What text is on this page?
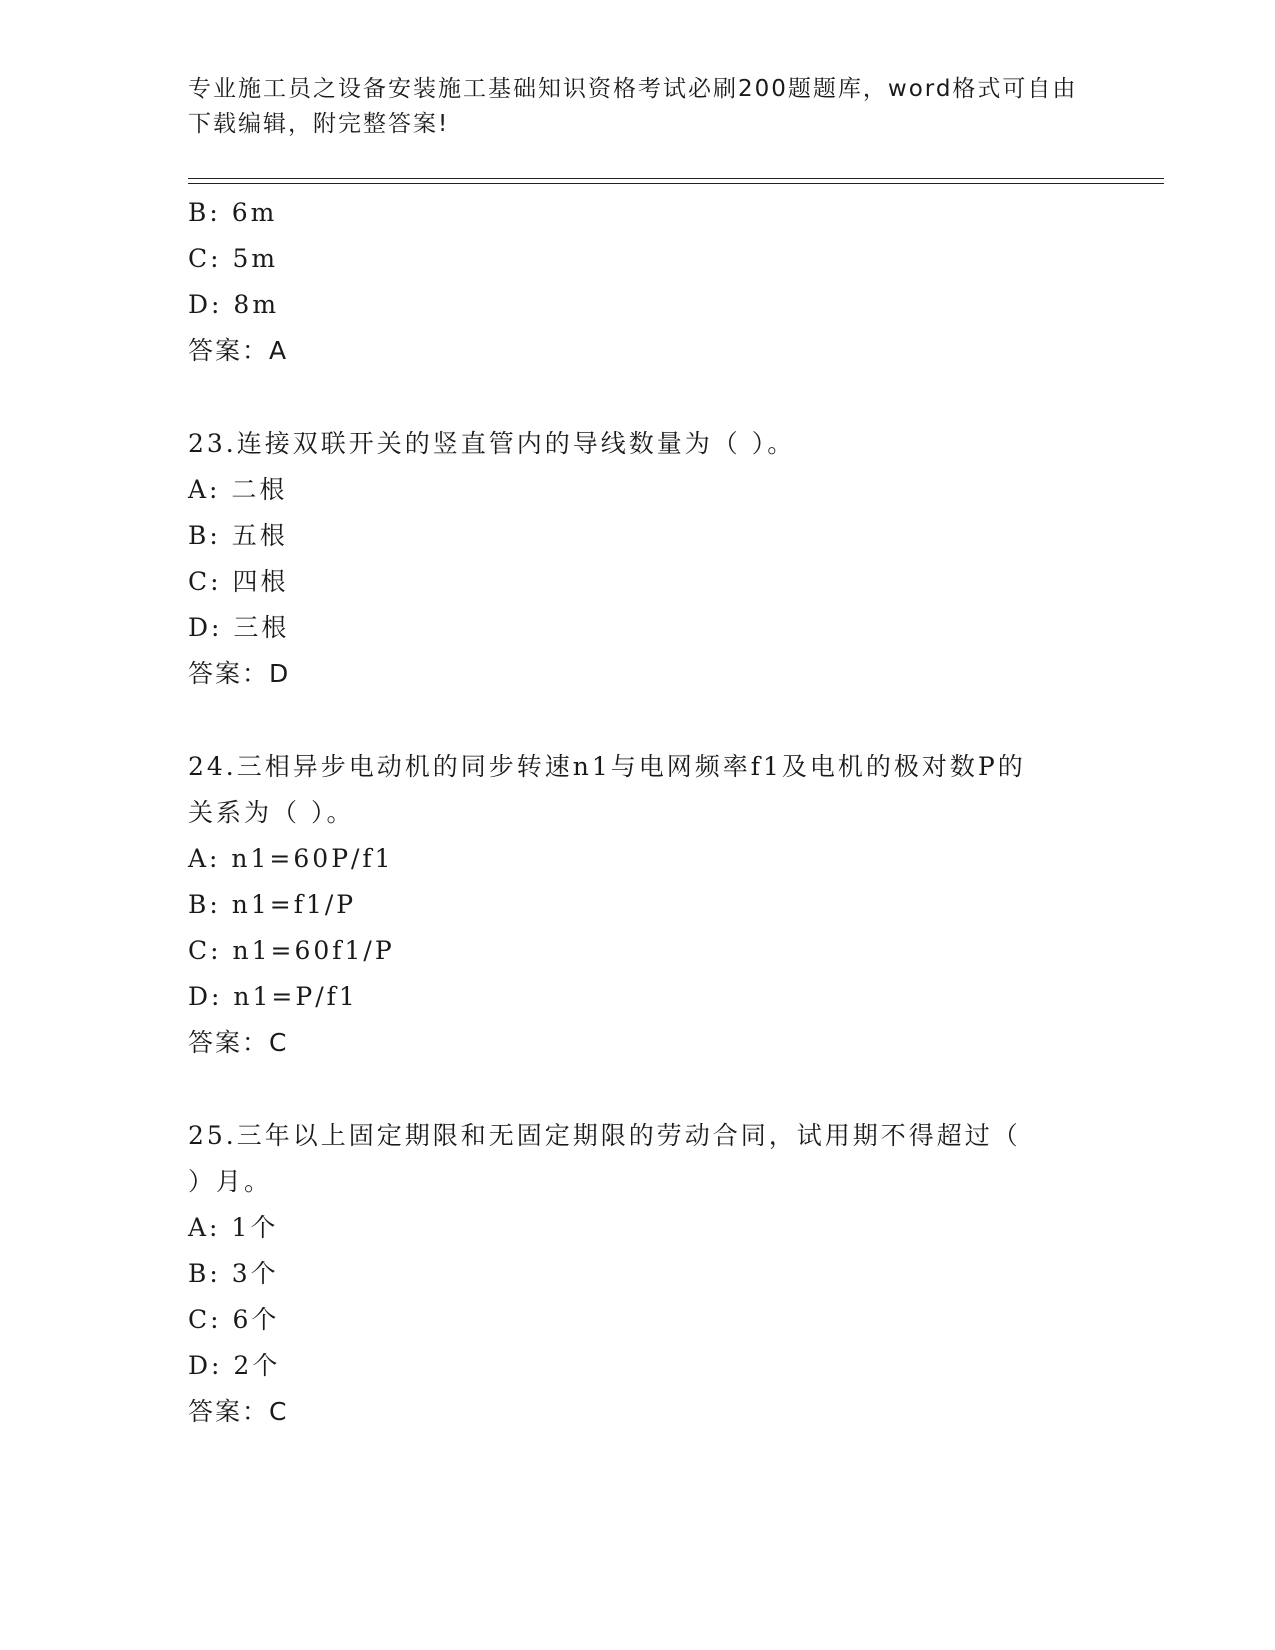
专业施工员之设备安装施工基础知识资格考试必刷200题题库，word格式可自由
下载编辑，附完整答案!
B: 6m
C: 5m
D: 8m
答案：A
23.连接双联开关的竖直管内的导线数量为（ ）。
A: 二根
B: 五根
C: 四根
D: 三根
答案：D
24.三相异步电动机的同步转速n1与电网频率f1及电机的极对数P的
关系为（ ）。
A: n1=60P/f1
B: n1=f1/P
C: n1=60f1/P
D: n1=P/f1
答案：C
25.三年以上固定期限和无固定期限的劳动合同，试用期不得超过（
）月。
A: 1个
B: 3个
C: 6个
D: 2个
答案：C
